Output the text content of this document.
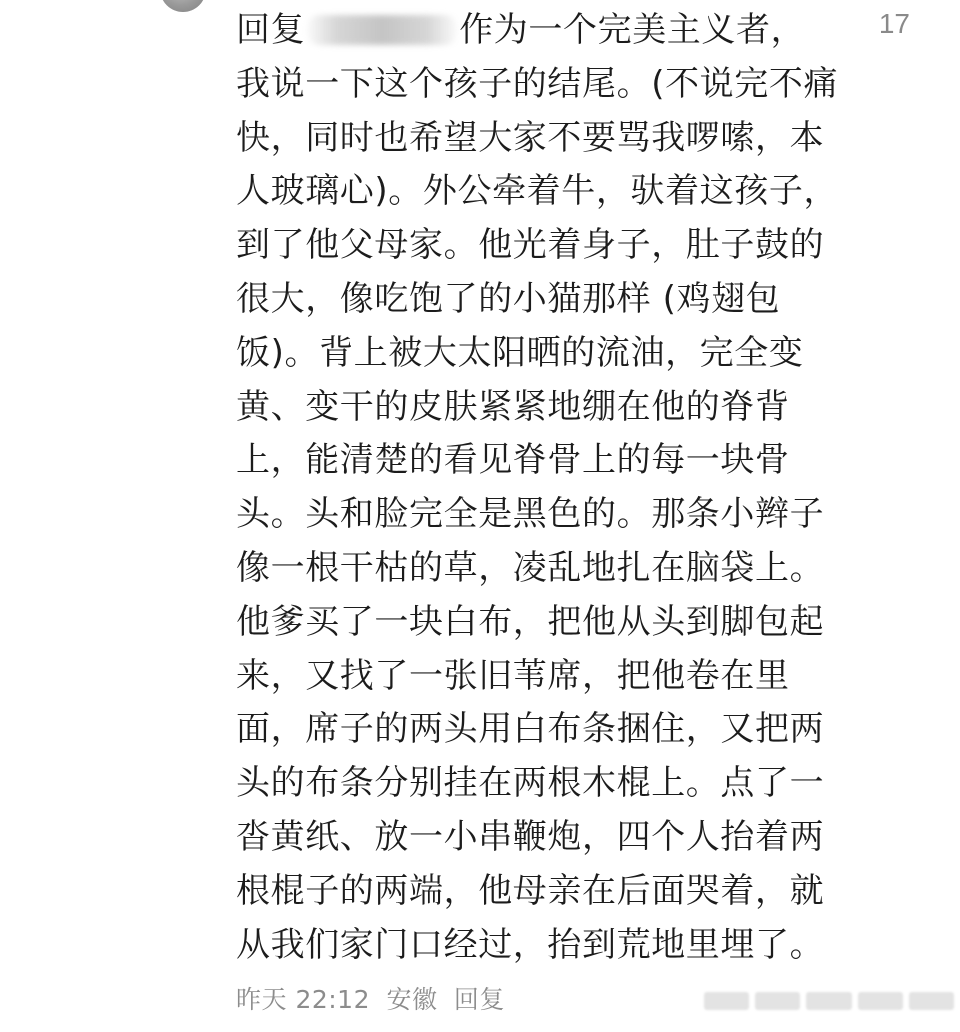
17
回复	作为一个完美主义者，
我说一下这个孩子的结尾。(不说完不痛
快，同时也希望大家不要骂我啰嗦，本
人玻璃心)。外公牵着牛，驮着这孩子，
到了他父母家。他光着身子，肚子鼓的
很大，像吃饱了的小猫那样 (鸡翅包
饭)。背上被大太阳晒的流油，完全变
黄、变干的皮肤紧紧地绷在他的脊背
上，能清楚的看见脊骨上的每一块骨
头。头和脸完全是黑色的。那条小辫子
像一根干枯的草，凌乱地扎在脑袋上。
他爹买了一块白布，把他从头到脚包起
来，又找了一张旧苇席，把他卷在里
面，席子的两头用白布条捆住，又把两
头的布条分别挂在两根木棍上。点了一
沓黄纸、放一小串鞭炮，四个人抬着两
根棍子的两端，他母亲在后面哭着，就
从我们家门口经过，抬到荒地里埋了。
昨天 22:12 安徽 回复
